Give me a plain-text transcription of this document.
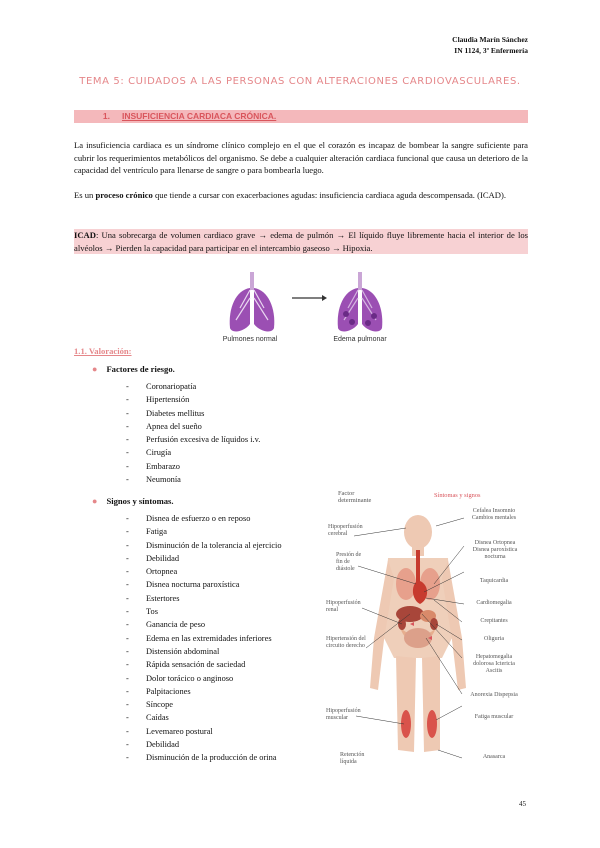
Claudia Marín Sánchez
IN 1124, 3º Enfermería
TEMA 5: CUIDADOS A LAS PERSONAS CON ALTERACIONES CARDIOVASCULARES.
1. INSUFICIENCIA CARDIACA CRÓNICA.
La insuficiencia cardiaca es un síndrome clínico complejo en el que el corazón es incapaz de bombear la sangre suficiente para cubrir los requerimientos metabólicos del organismo. Se debe a cualquier alteración cardiaca funcional que causa un deterioro de la capacidad del ventrículo para llenarse de sangre o para bombearla luego.
Es un proceso crónico que tiende a cursar con exacerbaciones agudas: insuficiencia cardiaca aguda descompensada. (ICAD).
ICAD: Una sobrecarga de volumen cardiaco grave → edema de pulmón → El líquido fluye libremente hacia el interior de los alvéolos → Pierden la capacidad para participar en el intercambio gaseoso → Hipoxia.
Pulmones normal	Edema pulmonar
1.1. Valoración:
● Factores de riesgo.
- Coronariopatía
- Hipertensión
- Diabetes mellitus
- Apnea del sueño
- Perfusión excesiva de líquidos i.v.
- Cirugía
- Embarazo
- Neumonía
● Signos y síntomas.
- Disnea de esfuerzo o en reposo
- Fatiga
- Disminución de la tolerancia al ejercicio
- Debilidad
- Ortopnea
- Disnea nocturna paroxística
- Estertores
- Tos
- Ganancia de peso
- Edema en las extremidades inferiores
- Distensión abdominal
- Rápida sensación de saciedad
- Dolor torácico o anginoso
- Palpitaciones
- Síncope
- Caídas
- Levemareo postural
- Debilidad
- Disminución de la producción de orina
Factor determinante
Síntomas y signos
Hipoperfusión cerebral
Presión de fin de diástole
Hipoperfusión renal
Hipertensión del circuito derecho
Hipoperfusión muscular
Retención líquida
Cefalea Insomnio Cambios mentales
Disnea Ortopnea Disnea paroxística nocturna
Taquicardia
Cardiomegalia
Crepitantes
Oliguria
Hepatomegalia dolorosa Ictericia Ascitis
Anorexia Dispepsia
Fatiga muscular
Anasarca
45
